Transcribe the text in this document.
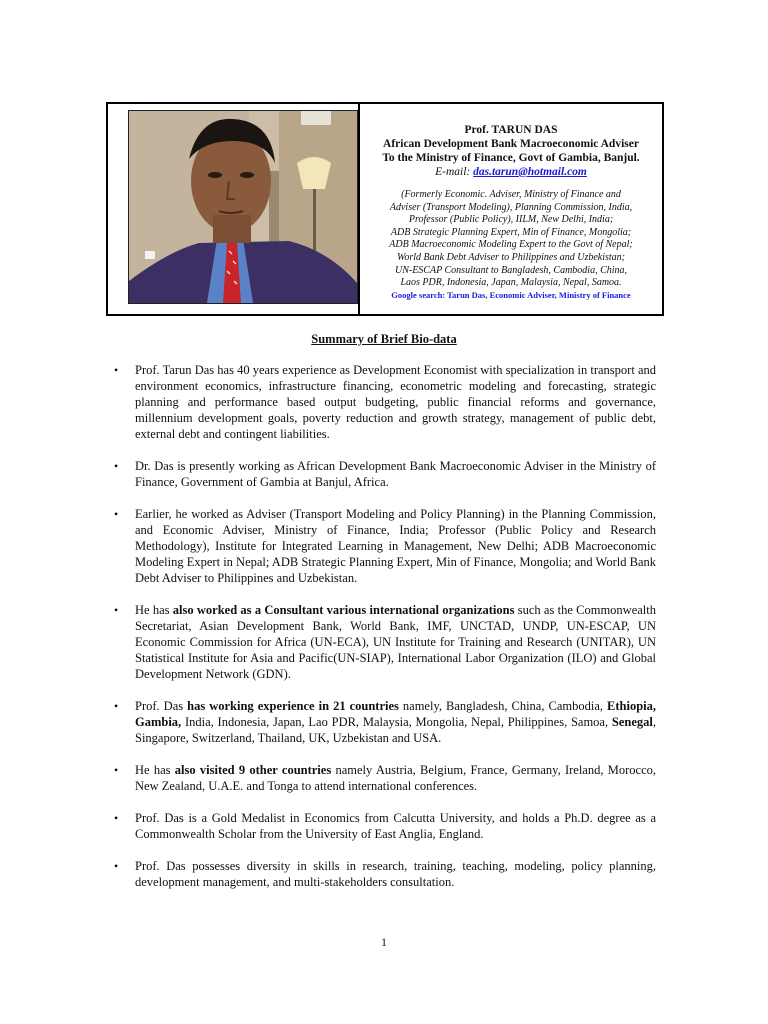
Prof. TARUN DAS
African Development Bank Macroeconomic Adviser
To the Ministry of Finance, Govt of Gambia, Banjul.
E-mail: das.tarun@hotmail.com
(Formerly Economic. Adviser, Ministry of Finance and
Adviser (Transport Modeling), Planning Commission, India,
Professor (Public Policy), IILM, New Delhi, India;
ADB Strategic Planning Expert, Min of Finance, Mongolia;
ADB Macroeconomic Modeling Expert to the Govt of Nepal;
World Bank Debt Adviser to Philippines and Uzbekistan;
UN-ESCAP Consultant to Bangladesh, Cambodia, China,
Laos PDR, Indonesia, Japan, Malaysia, Nepal, Samoa.
Google search: Tarun Das, Economic Adviser, Ministry of Finance
Summary of Brief Bio-data
• Prof. Tarun Das has 40 years experience as Development Economist with specialization in transport and environment economics, infrastructure financing, econometric modeling and forecasting, strategic planning and performance based output budgeting, public financial reforms and governance, millennium development goals, poverty reduction and growth strategy, management of public debt, external debt and contingent liabilities.
• Dr. Das is presently working as African Development Bank Macroeconomic Adviser in the Ministry of Finance, Government of Gambia at Banjul, Africa.
• Earlier, he worked as Adviser (Transport Modeling and Policy Planning) in the Planning Commission, and Economic Adviser, Ministry of Finance, India; Professor (Public Policy and Research Methodology), Institute for Integrated Learning in Management, New Delhi; ADB Macroeconomic Modeling Expert in Nepal; ADB Strategic Planning Expert, Min of Finance, Mongolia; and World Bank Debt Adviser to Philippines and Uzbekistan.
• He has also worked as a Consultant various international organizations such as the Commonwealth Secretariat, Asian Development Bank, World Bank, IMF, UNCTAD, UNDP, UN-ESCAP, UN Economic Commission for Africa (UN-ECA), UN Institute for Training and Research (UNITAR), UN Statistical Institute for Asia and Pacific(UN-SIAP), International Labor Organization (ILO) and Global Development Network (GDN).
• Prof. Das has working experience in 21 countries namely, Bangladesh, China, Cambodia, Ethiopia, Gambia, India, Indonesia, Japan, Lao PDR, Malaysia, Mongolia, Nepal, Philippines, Samoa, Senegal, Singapore, Switzerland, Thailand, UK, Uzbekistan and USA.
• He has also visited 9 other countries namely Austria, Belgium, France, Germany, Ireland, Morocco, New Zealand, U.A.E. and Tonga to attend international conferences.
• Prof. Das is a Gold Medalist in Economics from Calcutta University, and holds a Ph.D. degree as a Commonwealth Scholar from the University of East Anglia, England.
• Prof. Das possesses diversity in skills in research, training, teaching, modeling, policy planning, development management, and multi-stakeholders consultation.
1
